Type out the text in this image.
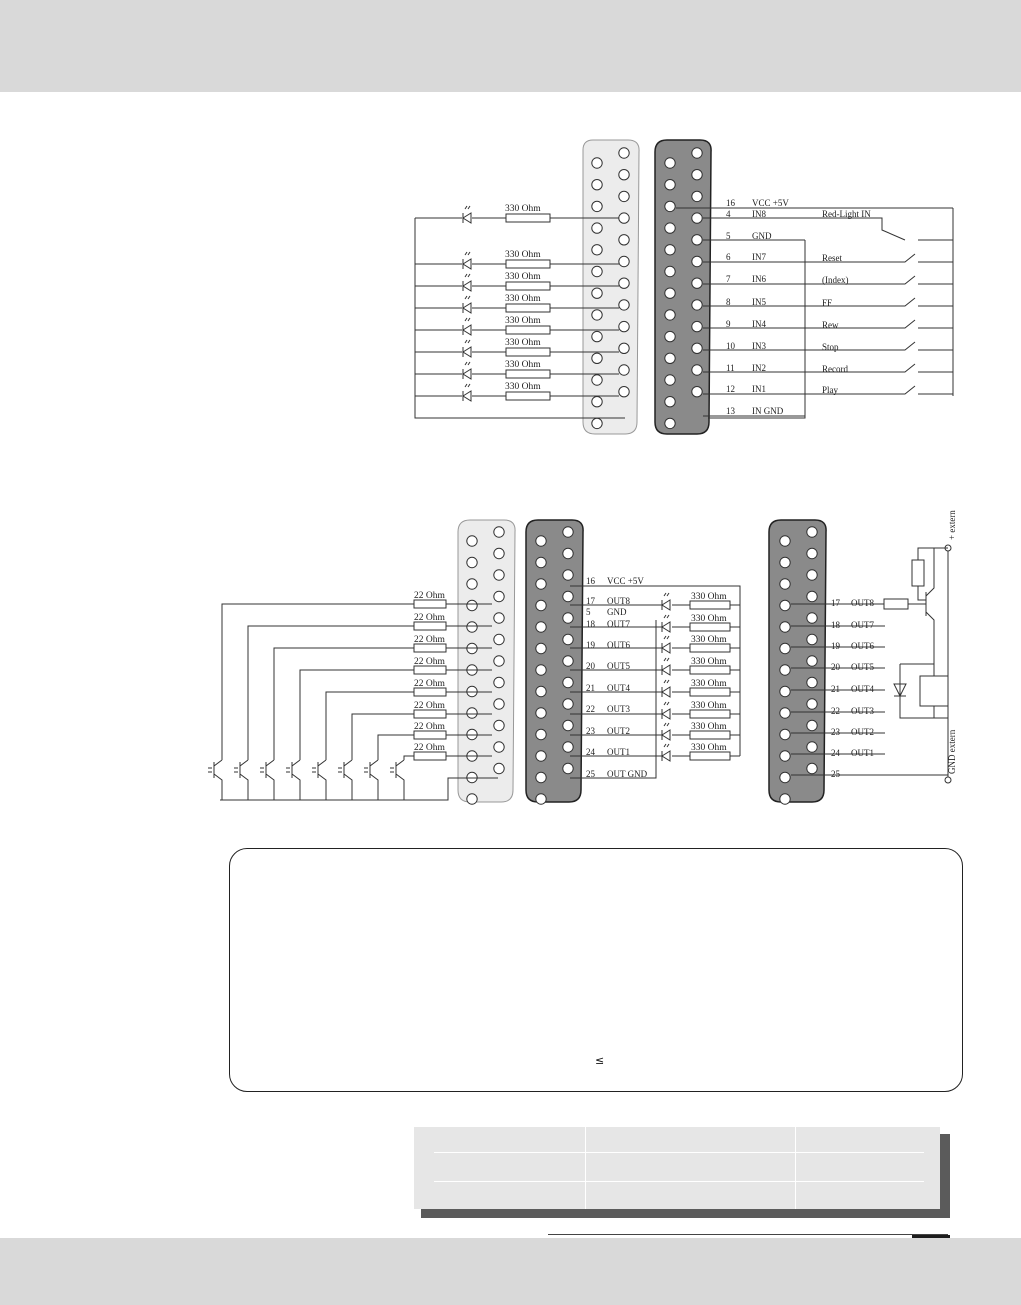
330 Ohm
330 Ohm
330 Ohm
330 Ohm
330 Ohm
330 Ohm
330 Ohm
330 Ohm
16 VCC +5V
4 IN8	Red-Light IN
5 GND
6 IN7	Reset
7 IN6	(Index)
8 IN5	FF
9 IN4	Rew
10 IN3	Stop
11 IN2	Record
12 IN1	Play
13 IN GND
22 Ohm
22 Ohm
22 Ohm
22 Ohm
22 Ohm
22 Ohm
22 Ohm
22 Ohm
16 VCC +5V
17 OUT8
5 GND
18 OUT7
19 OUT6
20 OUT5
21 OUT4
22 OUT3
23 OUT2
24 OUT1
25 OUT GND
330 Ohm
330 Ohm
330 Ohm
330 Ohm
330 Ohm
330 Ohm
330 Ohm
330 Ohm
17 OUT8
18 OUT7
19 OUT6
20 OUT5
21 OUT4
22 OUT3
23 OUT2
24 OUT1
25
+ extern
GND extern
≤
